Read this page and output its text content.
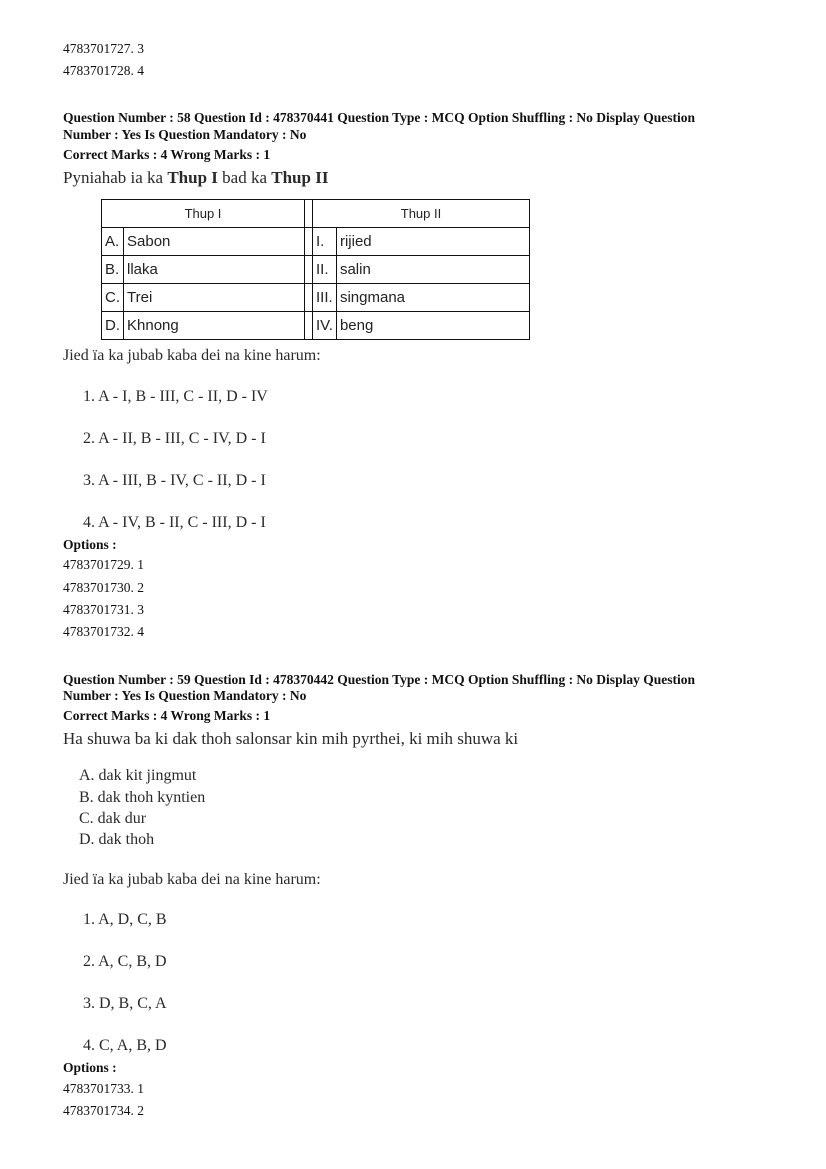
4783701727. 3
4783701728. 4
Question Number : 58 Question Id : 478370441 Question Type : MCQ Option Shuffling : No Display Question
Number : Yes Is Question Mandatory : No
Correct Marks : 4 Wrong Marks : 1
Pyniahab ia ka Thup I bad ka Thup II
Thup I			Thup II	
A.	Sabon		I.	rijied
B.	llaka		II.	salin
C.	Trei		III.	singmana
D.	Khnong		IV.	beng
Jied ïa ka jubab kaba dei na kine harum:
1. A - I, B - III, C - II, D - IV
2. A - II, B - III, C - IV, D - I
3. A - III, B - IV, C - II, D - I
4. A - IV, B - II, C - III, D - I
Options :
4783701729. 1
4783701730. 2
4783701731. 3
4783701732. 4
Question Number : 59 Question Id : 478370442 Question Type : MCQ Option Shuffling : No Display Question
Number : Yes Is Question Mandatory : No
Correct Marks : 4 Wrong Marks : 1
Ha shuwa ba ki dak thoh salonsar kin mih pyrthei, ki mih shuwa ki
A. dak kit jingmut
B. dak thoh kyntien
C. dak dur
D. dak thoh
Jied ïa ka jubab kaba dei na kine harum:
1. A, D, C, B
2. A, C, B, D
3. D, B, C, A
4. C, A, B, D
Options :
4783701733. 1
4783701734. 2
